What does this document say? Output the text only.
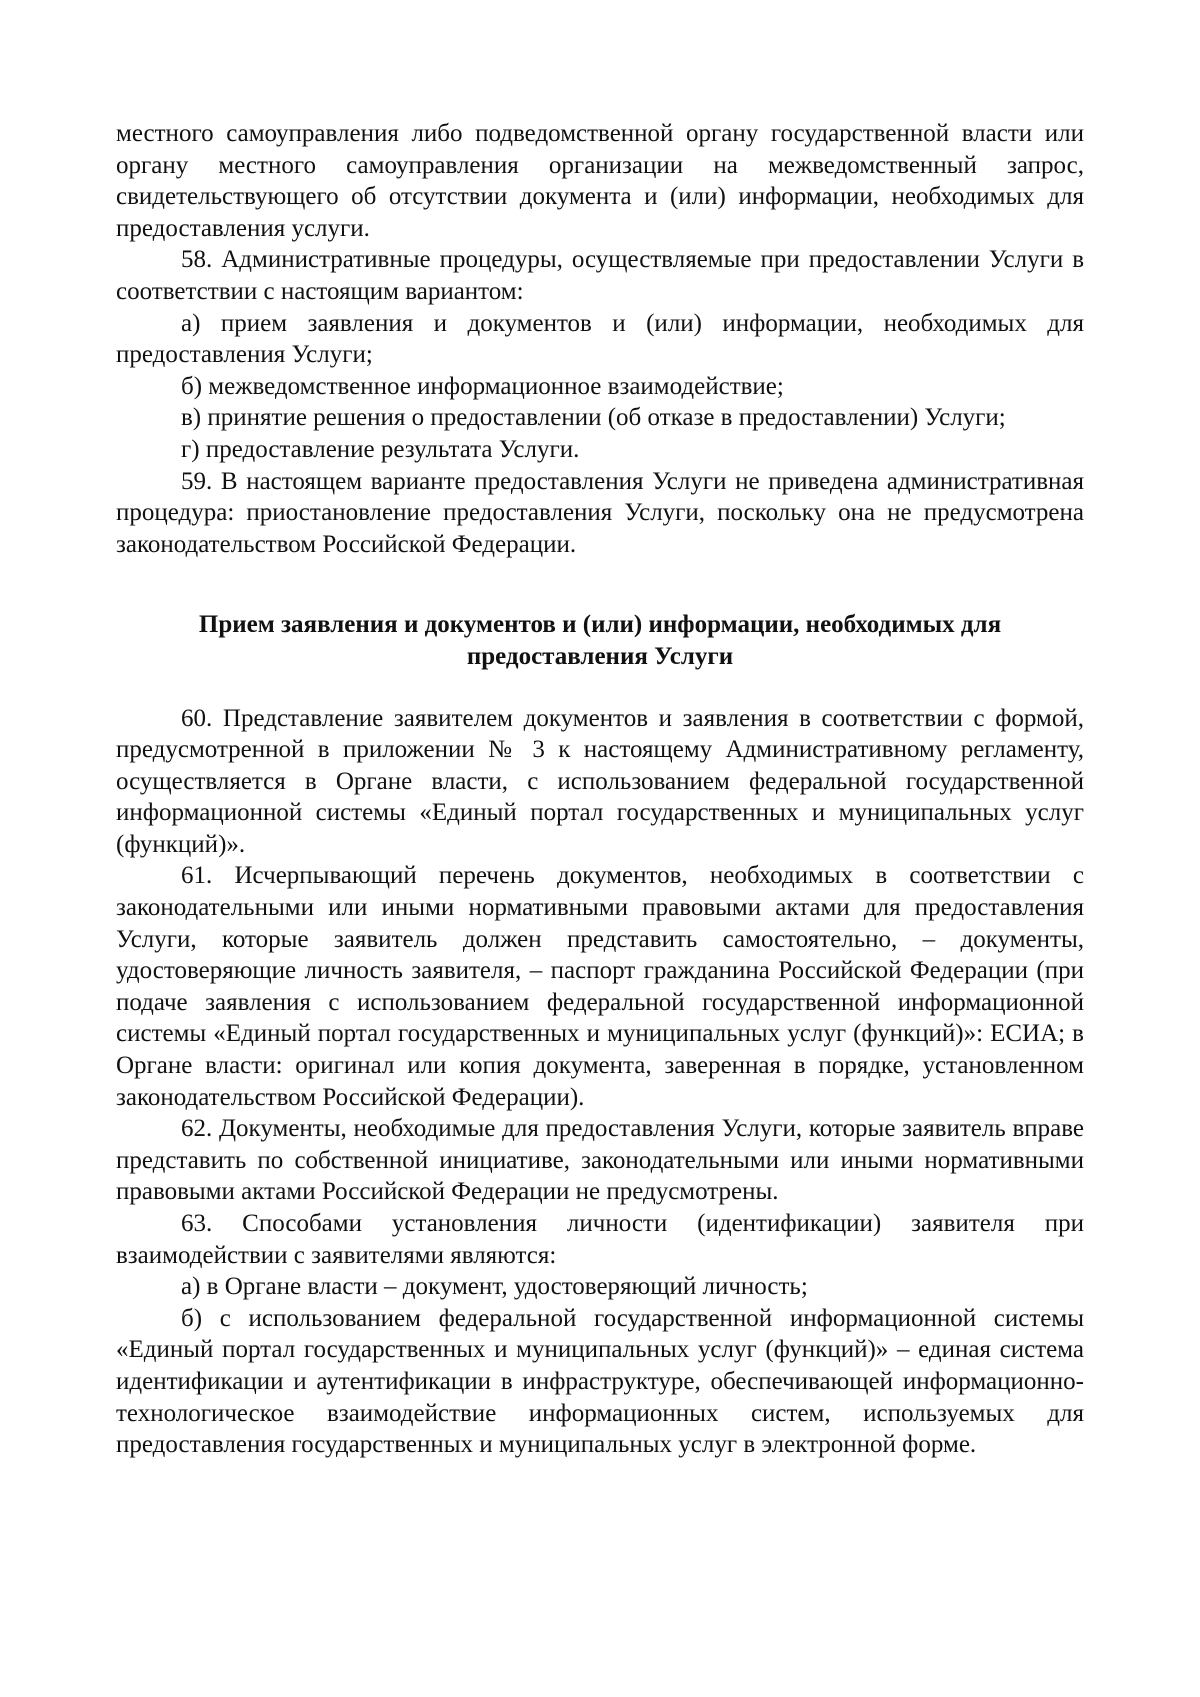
местного самоуправления либо подведомственной органу государственной власти или органу местного самоуправления организации на межведомственный запрос, свидетельствующего об отсутствии документа и (или) информации, необходимых для предоставления услуги.

58. Административные процедуры, осуществляемые при предоставлении Услуги в соответствии с настоящим вариантом:

а) прием заявления и документов и (или) информации, необходимых для предоставления Услуги;

б) межведомственное информационное взаимодействие;

в) принятие решения о предоставлении (об отказе в предоставлении) Услуги;

г) предоставление результата Услуги.

59. В настоящем варианте предоставления Услуги не приведена административная процедура: приостановление предоставления Услуги, поскольку она не предусмотрена законодательством Российской Федерации.

Прием заявления и документов и (или) информации, необходимых для предоставления Услуги

60. Представление заявителем документов и заявления в соответствии с формой, предусмотренной в приложении № 3 к настоящему Административному регламенту, осуществляется в Органе власти, с использованием федеральной государственной информационной системы «Единый портал государственных и муниципальных услуг (функций)».

61. Исчерпывающий перечень документов, необходимых в соответствии с законодательными или иными нормативными правовыми актами для предоставления Услуги, которые заявитель должен представить самостоятельно, – документы, удостоверяющие личность заявителя, – паспорт гражданина Российской Федерации (при подаче заявления с использованием федеральной государственной информационной системы «Единый портал государственных и муниципальных услуг (функций)»: ЕСИА; в Органе власти: оригинал или копия документа, заверенная в порядке, установленном законодательством Российской Федерации).

62. Документы, необходимые для предоставления Услуги, которые заявитель вправе представить по собственной инициативе, законодательными или иными нормативными правовыми актами Российской Федерации не предусмотрены.

63. Способами установления личности (идентификации) заявителя при взаимодействии с заявителями являются:

а) в Органе власти – документ, удостоверяющий личность;

б) с использованием федеральной государственной информационной системы «Единый портал государственных и муниципальных услуг (функций)» – единая система идентификации и аутентификации в инфраструктуре, обеспечивающей информационно-технологическое взаимодействие информационных систем, используемых для предоставления государственных и муниципальных услуг в электронной форме.
